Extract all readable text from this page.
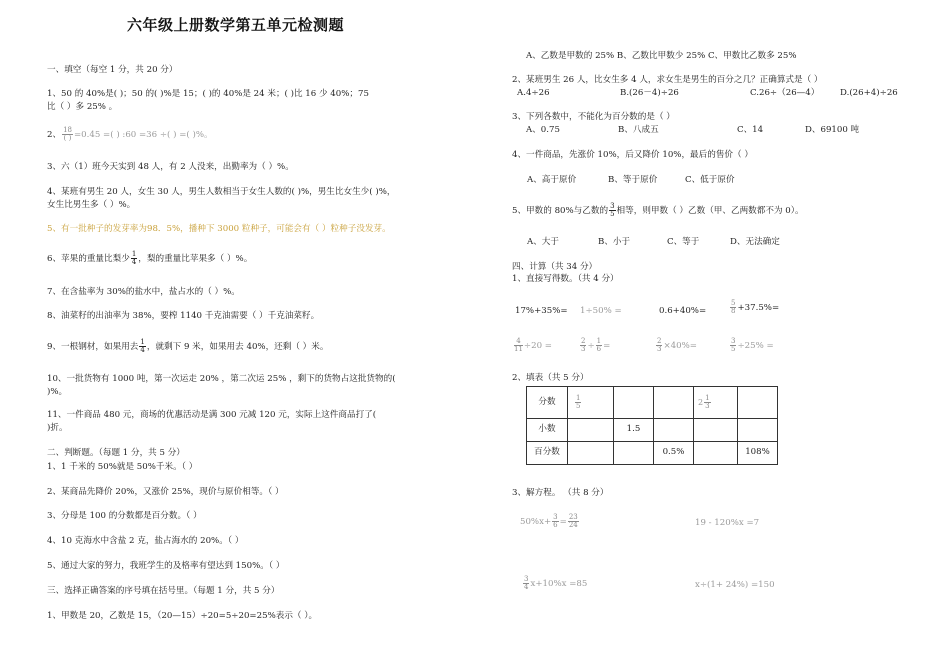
六年级上册数学第五单元检测题
一、填空（每空 1 分，共 20 分）
1、50 的 40%是( )；50 的( )%是 15；( )的 40%是 24 米；( )比 16 少 40%；75
比（ ）多 25% 。
2、 $\frac{18}{( )} =0.45$ =( ) :60 =36 ÷( ) =( )%。
3、六（1）班今天实到 48 人，有 2 人没来，出勤率为（ ）%。
4、某班有男生 20 人，女生 30 人，男生人数相当于女生人数的( )%，男生比女生少( )%，
女生比男生多（ ）%。
5、有一批种子的发芽率为98．5%，播种下 3000 粒种子，可能会有（ ）粒种子没发芽。
6、苹果的重量比梨少 $\frac{1}{4}$ ，梨的重量比苹果多（ ）%。
7、在含盐率为 30%的盐水中，盐占水的（ ）%。
8、油菜籽的出油率为 38%，要榨 1140 千克油需要（ ）千克油菜籽。
9、一根钢材，如果用去 $\frac{1}{4}$ ，就剩下 9 米，如果用去 40%，还剩（ ）米。
10、一批货物有 1000 吨，第一次运走 20% ，第二次运 25% ，剩下的货物占这批货物的(
)%。
11、一件商品 480 元，商场的优惠活动是满 300 元减 120 元，实际上这件商品打了(
)折。
二、判断题。（每题 1 分，共 5 分）
1、1 千米的 50%就是 50%千米。（ ）
2、某商品先降价 20%，又涨价 25%，现价与原价相等。（ ）
3、分母是 100 的分数都是百分数。（ ）
4、10 克海水中含盐 2 克，盐占海水的 20%。（ ）
5、通过大家的努力，我班学生的及格率有望达到 150%。（ ）
三、选择正确答案的序号填在括号里。（每题 1 分，共 5 分）
1、甲数是 20，乙数是 15，（20—15）÷20=5÷20=25%表示（ ）。
A、乙数是甲数的 25% B、乙数比甲数少 25% C、甲数比乙数多 25%
2、某班男生 26 人，比女生多 4 人，求女生是男生的百分之几？正确算式是（ ）
A.4÷26	B.(26－4)÷26	C.26÷（26—4） D.(26+4)÷26
3、下列各数中，不能化为百分数的是（ ）
A、0.75	B、八成五	C、14	D、69100 吨
4、一件商品，先涨价 10%，后又降价 10%，最后的售价（ ）
A、高于原价	B、等于原价	C、低于原价
5、甲数的 80%与乙数的 $\frac{3}{5}$ 相等，则甲数（ ）乙数（甲、乙两数都不为 0）。
A、大于	B、小于	C、等于	D、无法确定
四、计算（共 34 分）
1、直接写得数。（共 4 分）
17%+35%= 1÷50% =	0.6+40%=	$\frac{5}{8} +37.5\%=$
$\frac{4}{11} \div 20$ =	$\frac{2}{3} \div \frac{1}{6}$ =	$\frac{2}{3} \times 40\%=$	$\frac{3}{5} \div 25\%$ =
2、填表（共 5 分）
分数	$\frac{1}{5}$			$2 \frac{1}{3}$

小数		1.5			
百分数			0.5%		108%
3、解方程。 （共 8 分）
$50\%x+ \frac{3}{6} = \frac{23}{24}$	19 - 120%x =7
$\frac{3}{4} x+10\%x =85$	x÷(1+ 24%) =150
